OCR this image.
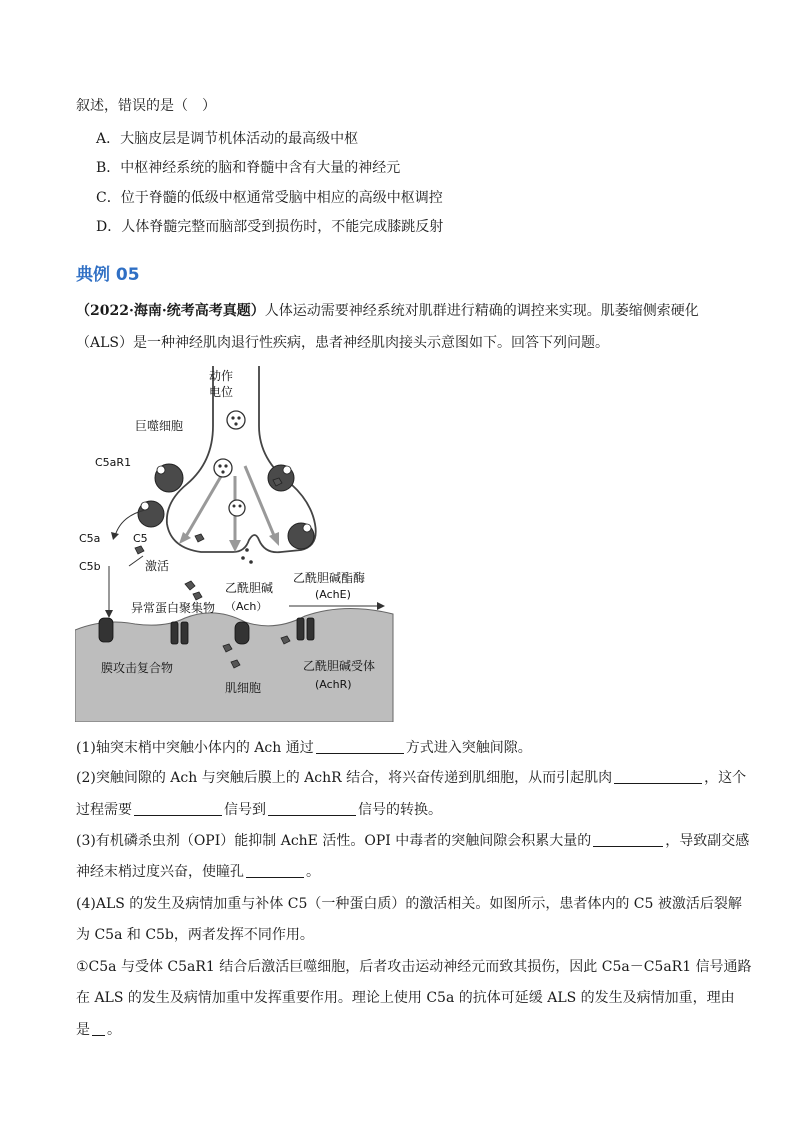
叙述，错误的是（　）
A．大脑皮层是调节机体活动的最高级中枢
B．中枢神经系统的脑和脊髓中含有大量的神经元
C．位于脊髓的低级中枢通常受脑中相应的高级中枢调控
D．人体脊髓完整而脑部受到损伤时，不能完成膝跳反射
典例 05
（2022·海南·统考高考真题）人体运动需要神经系统对肌群进行精确的调控来实现。肌萎缩侧索硬化
（ALS）是一种神经肌肉退行性疾病，患者神经肌肉接头示意图如下。回答下列问题。
动作
电位
巨噬细胞
C5aR1
C5a	C5
C5b	激活
异常蛋白聚集物
乙酰胆碱
（Ach）
乙酰胆碱酯酶
(AchE)
膜攻击复合物
肌细胞
乙酰胆碱受体
(AchR)
(1)轴突末梢中突触小体内的 Ach 通过	方式进入突触间隙。
(2)突触间隙的 Ach 与突触后膜上的 AchR 结合，将兴奋传递到肌细胞，从而引起肌肉	，这个
过程需要	信号到	信号的转换。
(3)有机磷杀虫剂（OPI）能抑制 AchE 活性。OPI 中毒者的突触间隙会积累大量的	，导致副交感
神经末梢过度兴奋，使瞳孔	。
(4)ALS 的发生及病情加重与补体 C5（一种蛋白质）的激活相关。如图所示，患者体内的 C5 被激活后裂解
为 C5a 和 C5b，两者发挥不同作用。
①C5a 与受体 C5aR1 结合后激活巨噬细胞，后者攻击运动神经元而致其损伤，因此 C5a－C5aR1 信号通路
在 ALS 的发生及病情加重中发挥重要作用。理论上使用 C5a 的抗体可延缓 ALS 的发生及病情加重，理由
是 。
